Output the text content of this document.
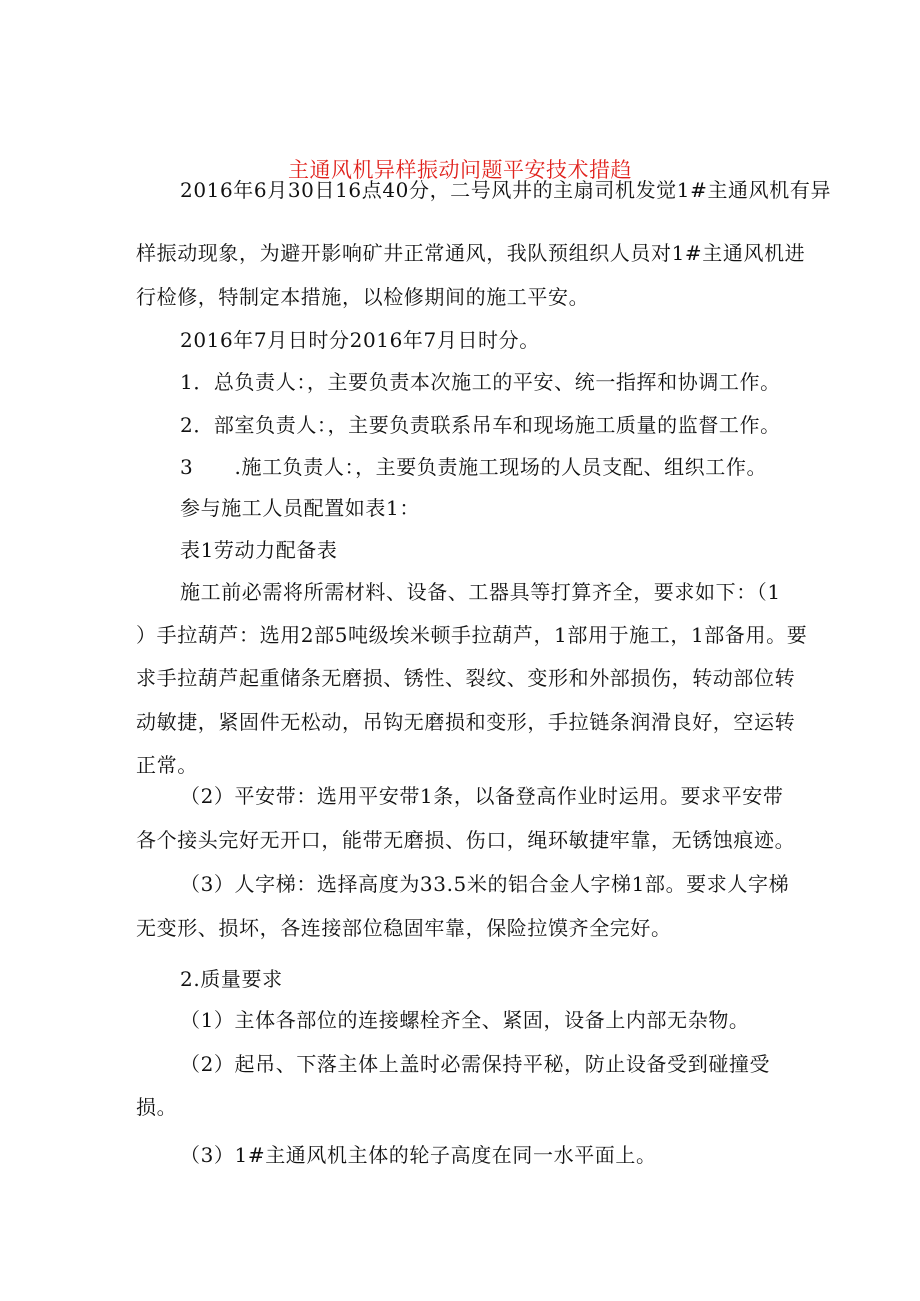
主通风机异样振动问题平安技术措趋
2016年6月30日16点40分，二号风井的主扇司机发觉1#主通风机有异
样振动现象，为避开影响矿井正常通风，我队预组织人员对1#主通风机进
行检修，特制定本措施，以检修期间的施工平安。
2016年7月日时分2016年7月日时分。
1．总负责人：，主要负责本次施工的平安、统一指挥和协调工作。
2．部室负责人：，主要负责联系吊车和现场施工质量的监督工作。
3　　.施工负责人：，主要负责施工现场的人员支配、组织工作。
参与施工人员配置如表1：
表1劳动力配备表
施工前必需将所需材料、设备、工器具等打算齐全，要求如下：（1
）手拉葫芦：选用2部5吨级埃米顿手拉葫芦，1部用于施工，1部备用。要
求手拉葫芦起重储条无磨损、锈性、裂纹、变形和外部损伤，转动部位转
动敏捷，紧固件无松动，吊钩无磨损和变形，手拉链条润滑良好，空运转
正常。
（2）平安带：选用平安带1条，以备登高作业时运用。要求平安带
各个接头完好无开口，能带无磨损、伤口，绳环敏捷牢靠，无锈蚀痕迹。
（3）人字梯：选择高度为33.5米的铝合金人字梯1部。要求人字梯
无变形、损坏，各连接部位稳固牢靠，保险拉馍齐全完好。
2.质量要求
（1）主体各部位的连接螺栓齐全、紧固，设备上内部无杂物。
（2）起吊、下落主体上盖时必需保持平秘，防止设备受到碰撞受
损。
（3）1#主通风机主体的轮子高度在同一水平面上。
